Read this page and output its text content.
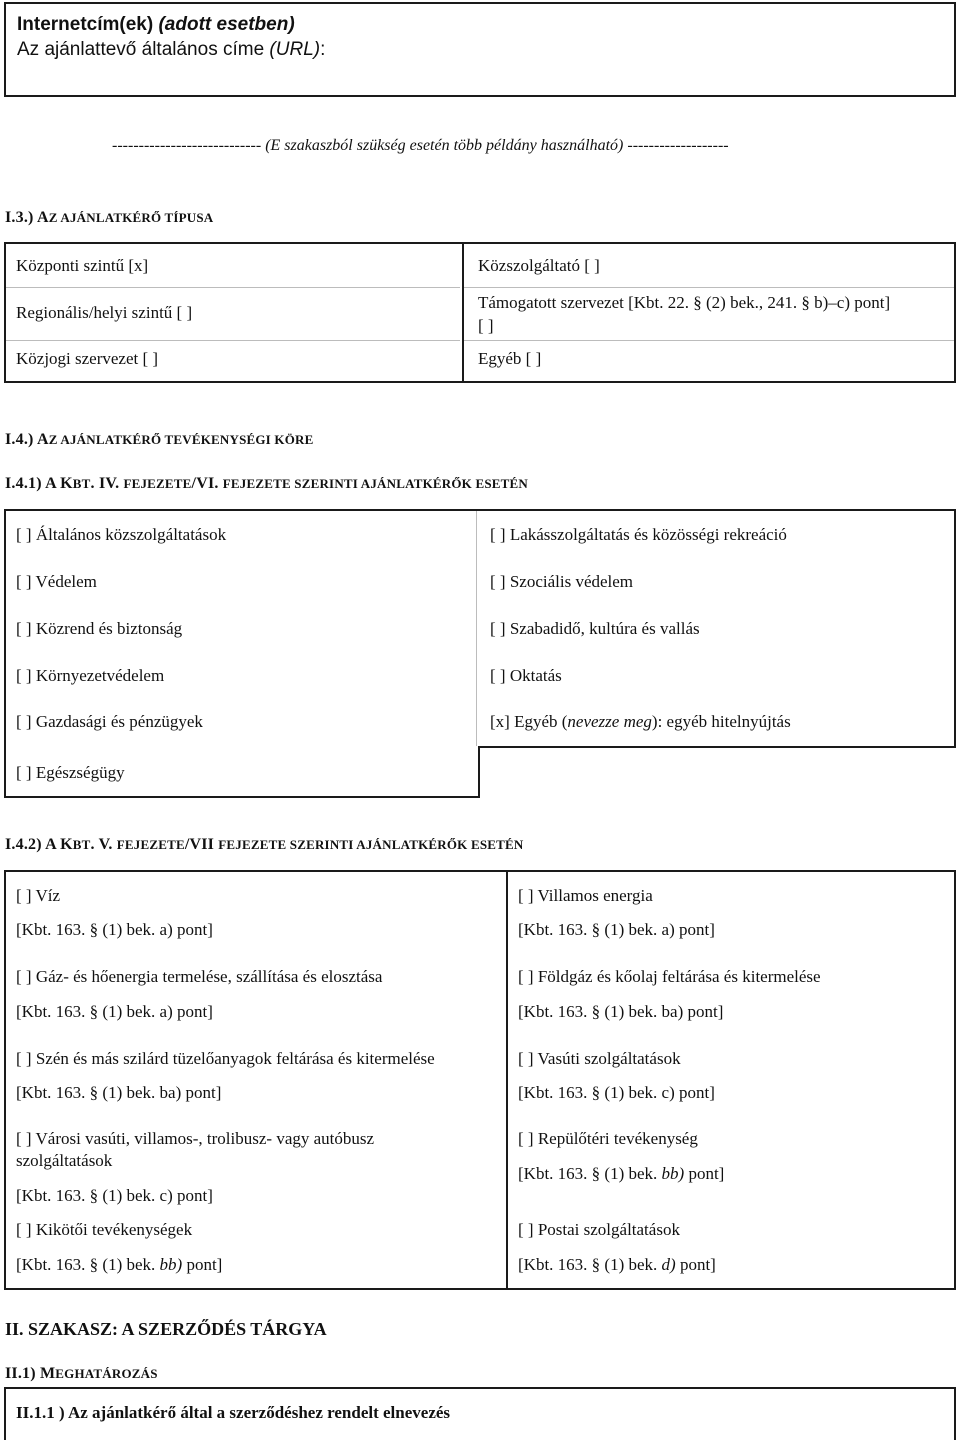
Internetcím(ek) (adott esetben)
Az ajánlattevő általános címe (URL):
---------------------------- (E szakaszból szükség esetén több példány használható) -------------------
I.3.) AZ AJÁNLATKÉRŐ TÍPUSA
Központi szintű [x]
Regionális/helyi szintű [ ]
Közjogi szervezet [ ]
Közszolgáltató [ ]
Támogatott szervezet [Kbt. 22. § (2) bek., 241. § b)–c) pont]
[ ]
Egyéb [ ]
I.4.) AZ AJÁNLATKÉRŐ TEVÉKENYSÉGI KÖRE
I.4.1) A KBT. IV. FEJEZETE/VI. FEJEZETE SZERINTI AJÁNLATKÉRŐK ESETÉN
[ ] Általános közszolgáltatások
[ ] Védelem
[ ] Közrend és biztonság
[ ] Környezetvédelem
[ ] Gazdasági és pénzügyek
[ ] Egészségügy
[ ] Lakásszolgáltatás és közösségi rekreáció
[ ] Szociális védelem
[ ] Szabadidő, kultúra és vallás
[ ] Oktatás
[x] Egyéb (nevezze meg): egyéb hitelnyújtás
I.4.2) A KBT. V. FEJEZETE/VII FEJEZETE SZERINTI AJÁNLATKÉRŐK ESETÉN
[ ] Víz
[Kbt. 163. § (1) bek. a) pont]
[ ] Gáz- és hőenergia termelése, szállítása és elosztása
[Kbt. 163. § (1) bek. a) pont]
[ ] Szén és más szilárd tüzelőanyagok feltárása és kitermelése
[Kbt. 163. § (1) bek. ba) pont]
[ ] Városi vasúti, villamos-, trolibusz- vagy autóbusz
szolgáltatások
[Kbt. 163. § (1) bek. c) pont]
[ ] Kikötői tevékenységek
[Kbt. 163. § (1) bek. bb) pont]
[ ] Villamos energia
[Kbt. 163. § (1) bek. a) pont]
[ ] Földgáz és kőolaj feltárása és kitermelése
[Kbt. 163. § (1) bek. ba) pont]
[ ] Vasúti szolgáltatások
[Kbt. 163. § (1) bek. c) pont]
[ ] Repülőtéri tevékenység
[Kbt. 163. § (1) bek. bb) pont]
[ ] Postai szolgáltatások
[Kbt. 163. § (1) bek. d) pont]
II. SZAKASZ: A SZERZŐDÉS TÁRGYA
II.1) MEGHATÁROZÁS
II.1.1 ) Az ajánlatkérő által a szerződéshez rendelt elnevezés
